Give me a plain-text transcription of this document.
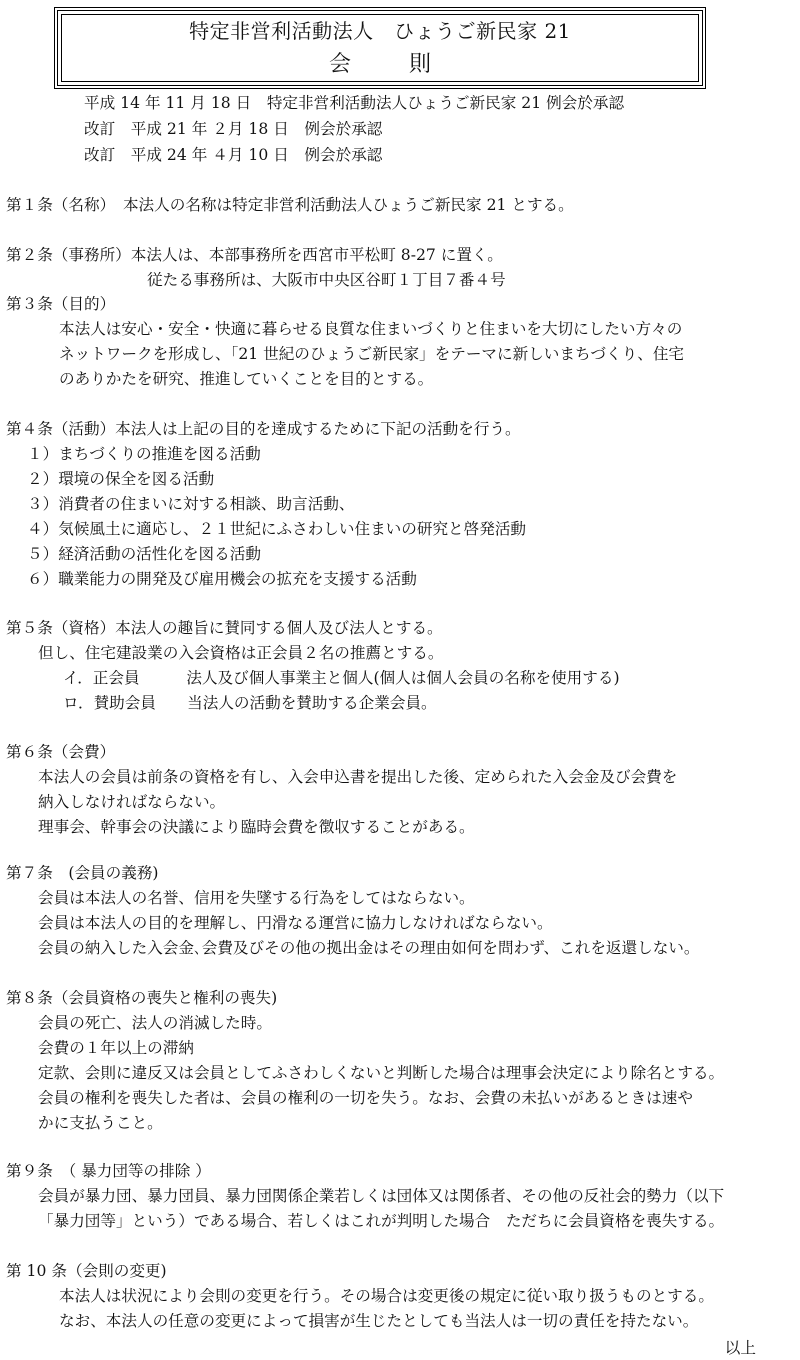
特定非営利活動法人　ひょうご新民家 21
会　則
平成 14 年 11 月 18 日　特定非営利活動法人ひょうご新民家 21 例会於承認
改訂　平成 21 年 ２月 18 日　例会於承認
改訂　平成 24 年 ４月 10 日　例会於承認
第１条（名称）　本法人の名称は特定非営利活動法人ひょうご新民家 21 とする。
第２条（事務所）本法人は、本部事務所を西宮市平松町 8-27 に置く。
従たる事務所は、大阪市中央区谷町１丁目７番４号
第３条（目的）
本法人は安心・安全・快適に暮らせる良質な住まいづくりと住まいを大切にしたい方々の
ネットワークを形成し、「21 世紀のひょうご新民家」をテーマに新しいまちづくり、住宅
のありかたを研究、推進していくことを目的とする。
第４条（活動）本法人は上記の目的を達成するために下記の活動を行う。
１）まちづくりの推進を図る活動
２）環境の保全を図る活動
３）消費者の住まいに対する相談、助言活動、
４）気候風土に適応し、２１世紀にふさわしい住まいの研究と啓発活動
５）経済活動の活性化を図る活動
６）職業能力の開発及び雇用機会の拡充を支援する活動
第５条（資格）本法人の趣旨に賛同する個人及び法人とする。
但し、住宅建設業の入会資格は正会員２名の推薦とする。
イ．正会員　　　法人及び個人事業主と個人(個人は個人会員の名称を使用する)
ロ．賛助会員　　当法人の活動を賛助する企業会員。
第６条（会費）
本法人の会員は前条の資格を有し、入会申込書を提出した後、定められた入会金及び会費を
納入しなければならない。
理事会、幹事会の決議により臨時会費を徴収することがある。
第７条　(会員の義務)
会員は本法人の名誉、信用を失墜する行為をしてはならない。
会員は本法人の目的を理解し、円滑なる運営に協力しなければならない。
会員の納入した入会金､会費及びその他の拠出金はその理由如何を問わず、これを返還しない。
第８条（会員資格の喪失と権利の喪失)
会員の死亡、法人の消滅した時。
会費の１年以上の滞納
定款、会則に違反又は会員としてふさわしくないと判断した場合は理事会決定により除名とする。
会員の権利を喪失した者は、会員の権利の一切を失う。なお、会費の未払いがあるときは速や
かに支払うこと。
第９条　（ 暴力団等の排除 ）
会員が暴力団、暴力団員、暴力団関係企業若しくは団体又は関係者、その他の反社会的勢力（以下
「暴力団等」という）である場合、若しくはこれが判明した場合　ただちに会員資格を喪失する。
第 10 条（会則の変更)
本法人は状況により会則の変更を行う。その場合は変更後の規定に従い取り扱うものとする。
なお、本法人の任意の変更によって損害が生じたとしても当法人は一切の責任を持たない。
以上
